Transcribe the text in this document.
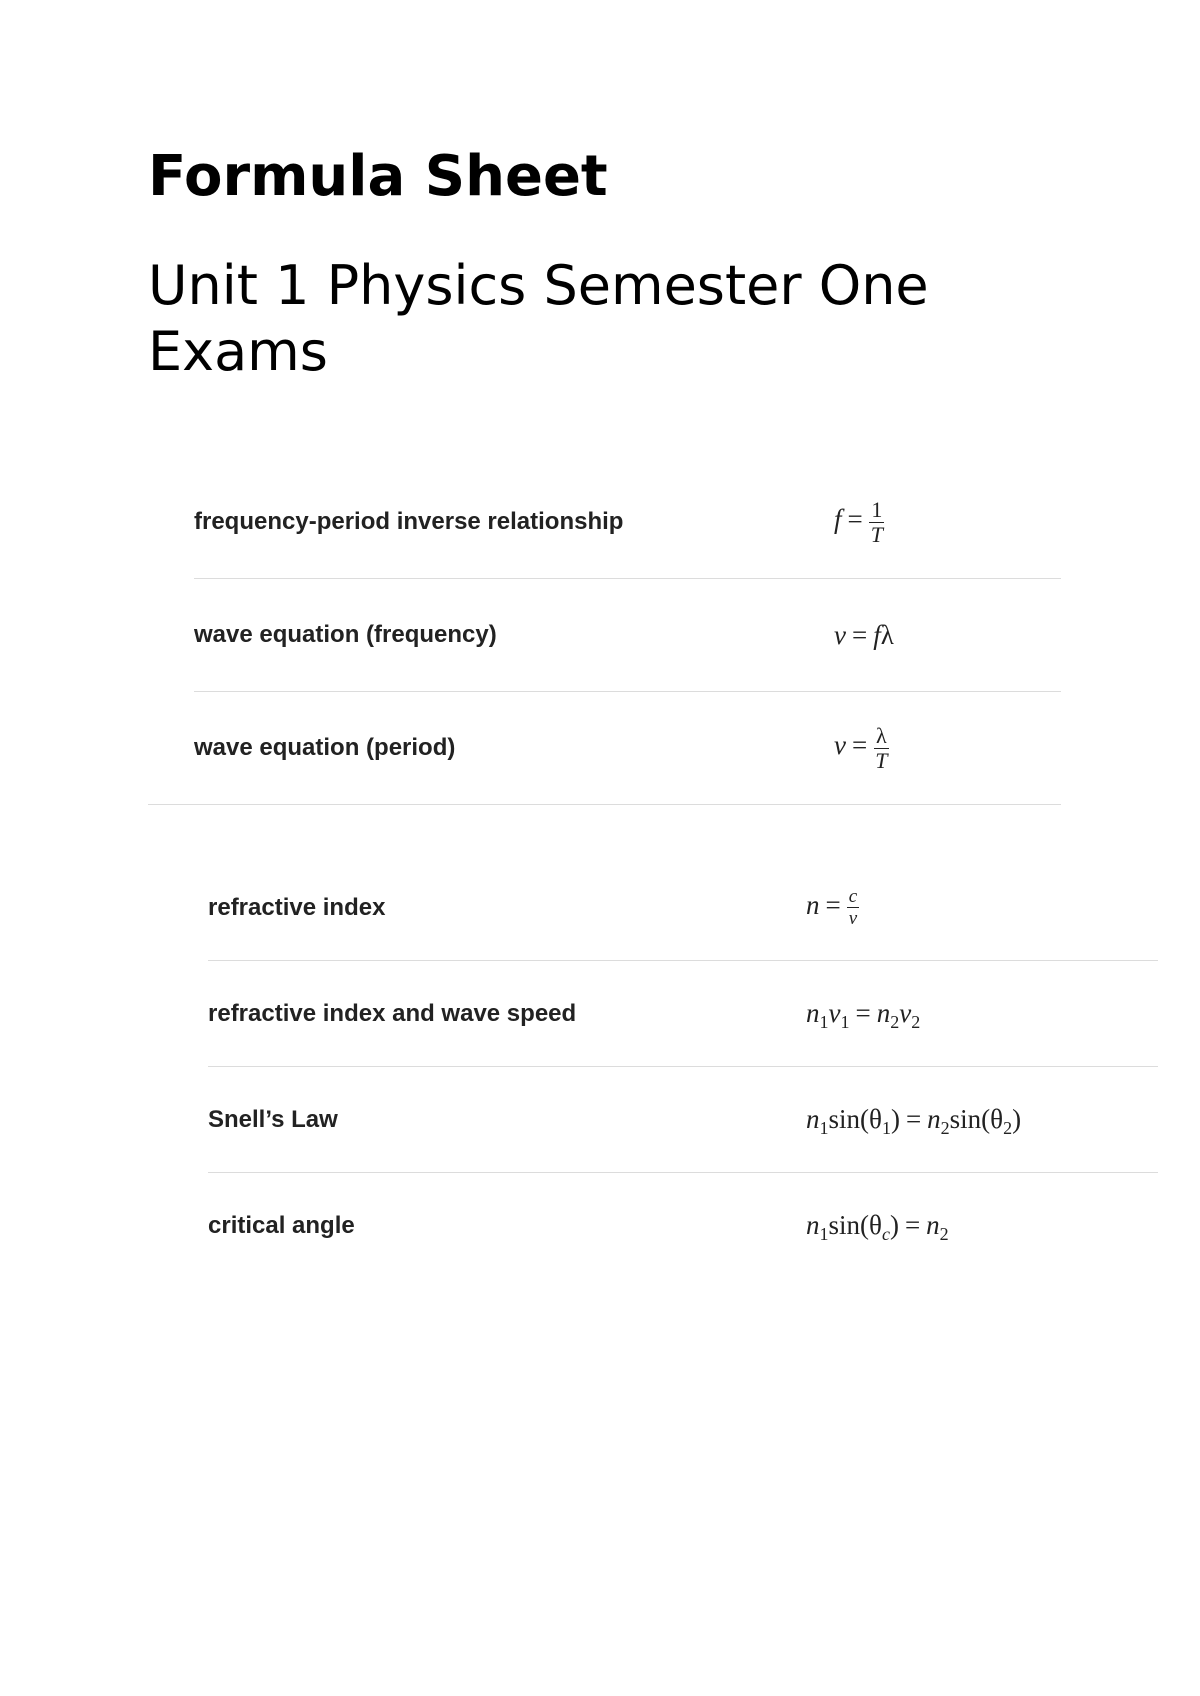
Formula Sheet
Unit 1 Physics Semester One Exams
frequency-period inverse relationship	$f = \frac{1}{T}$

wave equation (frequency)	v = fλ
wave equation (period)	$v = \frac{\lambda}{T}$
refractive index	$n = \frac{c}{v}$

refractive index and wave speed	$n_1v_1 = n_2v_2$
Snell’s Law	$n_1\sin(\theta_1) = n_2\sin(\theta_2)$
critical angle	$n_1\sin(\theta_c) = n_2$
